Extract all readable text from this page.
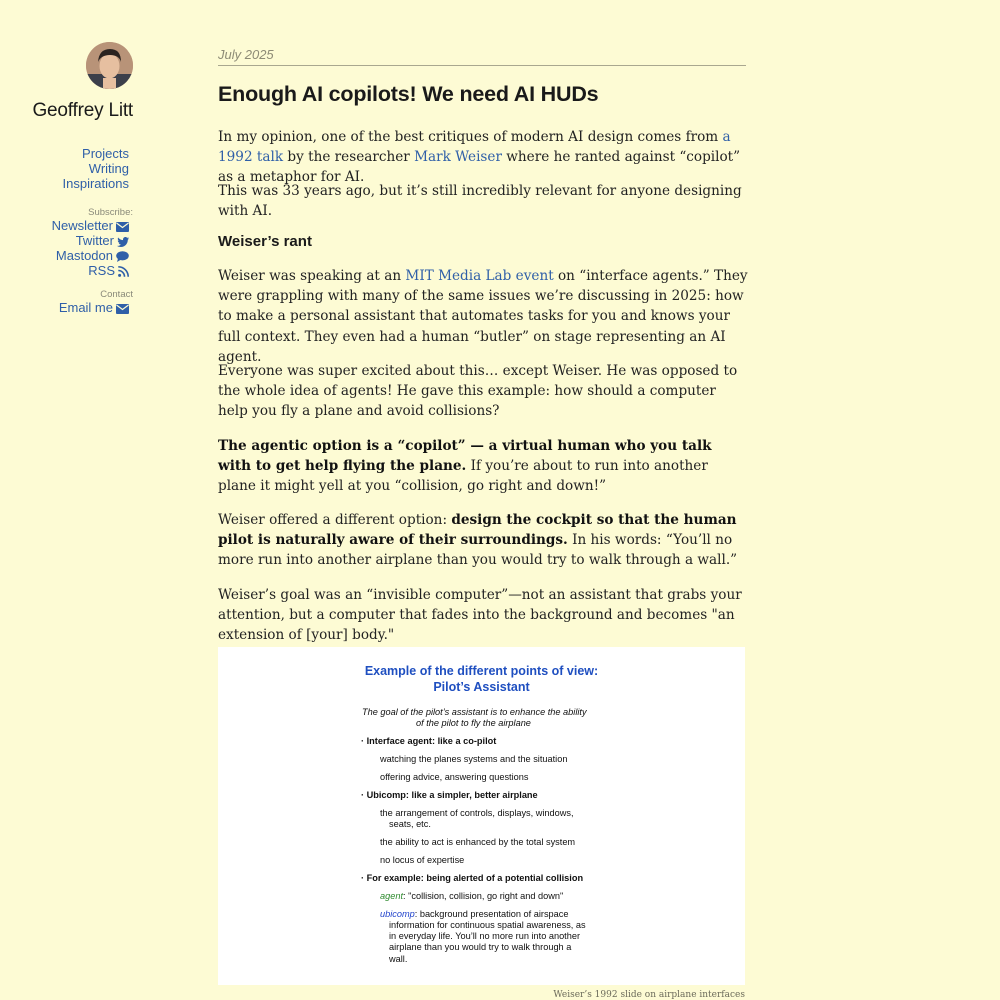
Geoffrey Litt
Projects
Writing
Inspirations
Subscribe:
Newsletter
Twitter
Mastodon
RSS
Contact
Email me
July 2025
Enough AI copilots! We need AI HUDs

In my opinion, one of the best critiques of modern AI design comes from a 1992 talk by the researcher Mark Weiser where he ranted against “copilot” as a metaphor for AI.

This was 33 years ago, but it’s still incredibly relevant for anyone designing with AI.

Weiser’s rant

Weiser was speaking at an MIT Media Lab event on “interface agents.” They were grappling with many of the same issues we’re discussing in 2025: how to make a personal assistant that automates tasks for you and knows your full context. They even had a human “butler” on stage representing an AI agent.

Everyone was super excited about this… except Weiser. He was opposed to the whole idea of agents! He gave this example: how should a computer help you fly a plane and avoid collisions?

The agentic option is a “copilot” — a virtual human who you talk with to get help flying the plane. If you’re about to run into another plane it might yell at you “collision, go right and down!”

Weiser offered a different option: design the cockpit so that the human pilot is naturally aware of their surroundings. In his words: “You’ll no more run into another airplane than you would try to walk through a wall.”

Weiser’s goal was an “invisible computer”—not an assistant that grabs your attention, but a computer that fades into the background and becomes "an extension of [your] body."

Example of the different points of view:
Pilot’s Assistant
The goal of the pilot’s assistant is to enhance the ability
of the pilot to fly the airplane
· Interface agent: like a co-pilot
watching the planes systems and the situation
offering advice, answering questions
· Ubicomp: like a simpler, better airplane
the arrangement of controls, displays, windows,
seats, etc.
the ability to act is enhanced by the total system
no locus of expertise
· For example: being alerted of a potential collision
agent: "collision, collision, go right and down"
ubicomp: background presentation of airspace
information for continuous spatial awareness, as
in everyday life. You’ll no more run into another
airplane than you would try to walk through a
wall.
Weiser’s 1992 slide on airplane interfaces
